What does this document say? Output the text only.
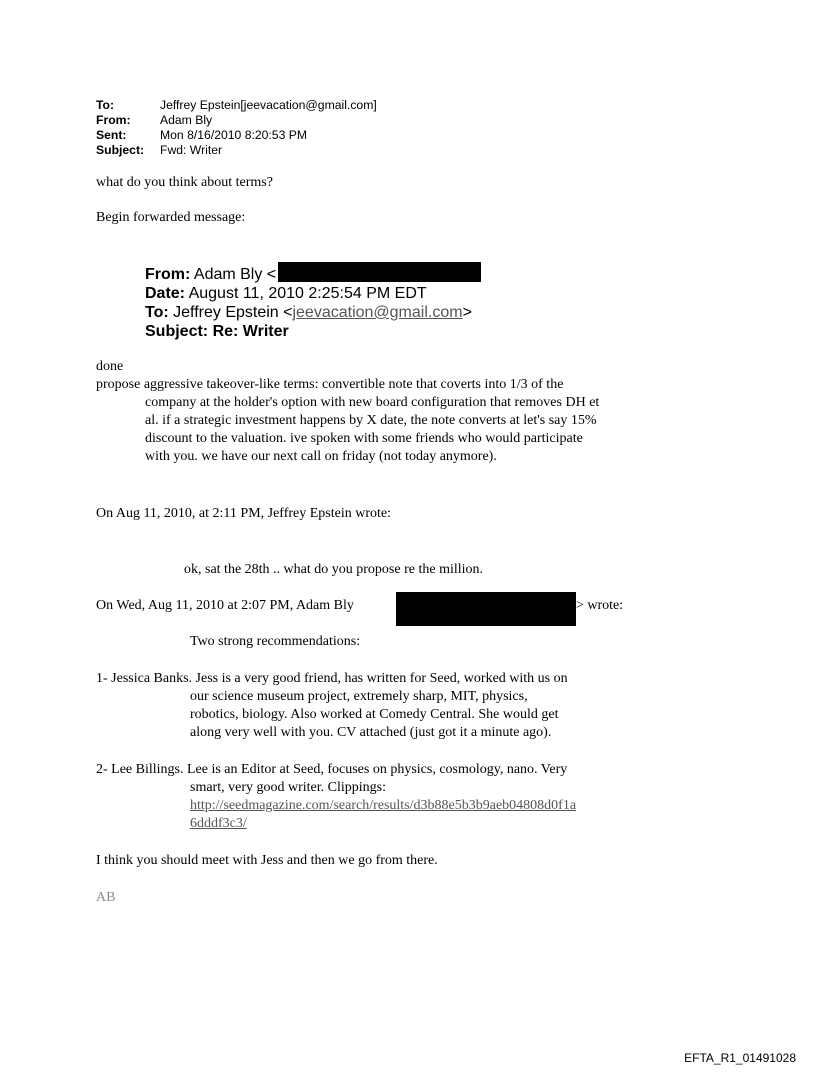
To:	Jeffrey Epstein[jeevacation@gmail.com]
From: Adam Bly
Sent:	Mon 8/16/2010 8:20:53 PM
Subject: Fwd: Writer
what do you think about terms?
Begin forwarded message:
From: Adam Bly <
Date: August 11, 2010 2:25:54 PM EDT
To: Jeffrey Epstein <jeevacation@gmail.com>
Subject: Re: Writer
done
propose aggressive takeover-like terms: convertible note that coverts into 1/3 of the
company at the holder's option with new board configuration that removes DH et
al. if a strategic investment happens by X date, the note converts at let's say 15%
discount to the valuation. ive spoken with some friends who would participate
with you. we have our next call on friday (not today anymore).
On Aug 11, 2010, at 2:11 PM, Jeffrey Epstein wrote:
ok, sat the 28th .. what do you propose re the million.
On Wed, Aug 11, 2010 at 2:07 PM, Adam Bly	> wrote:
Two strong recommendations:
1- Jessica Banks. Jess is a very good friend, has written for Seed, worked with us on
our science museum project, extremely sharp, MIT, physics,
robotics, biology. Also worked at Comedy Central. She would get
along very well with you. CV attached (just got it a minute ago).
2- Lee Billings. Lee is an Editor at Seed, focuses on physics, cosmology, nano. Very
smart, very good writer. Clippings:
http://seedmagazine.com/search/results/d3b88e5b3b9aeb04808d0f1a
6dddf3c3/
I think you should meet with Jess and then we go from there.
AB
EFTA_R1_01491028
